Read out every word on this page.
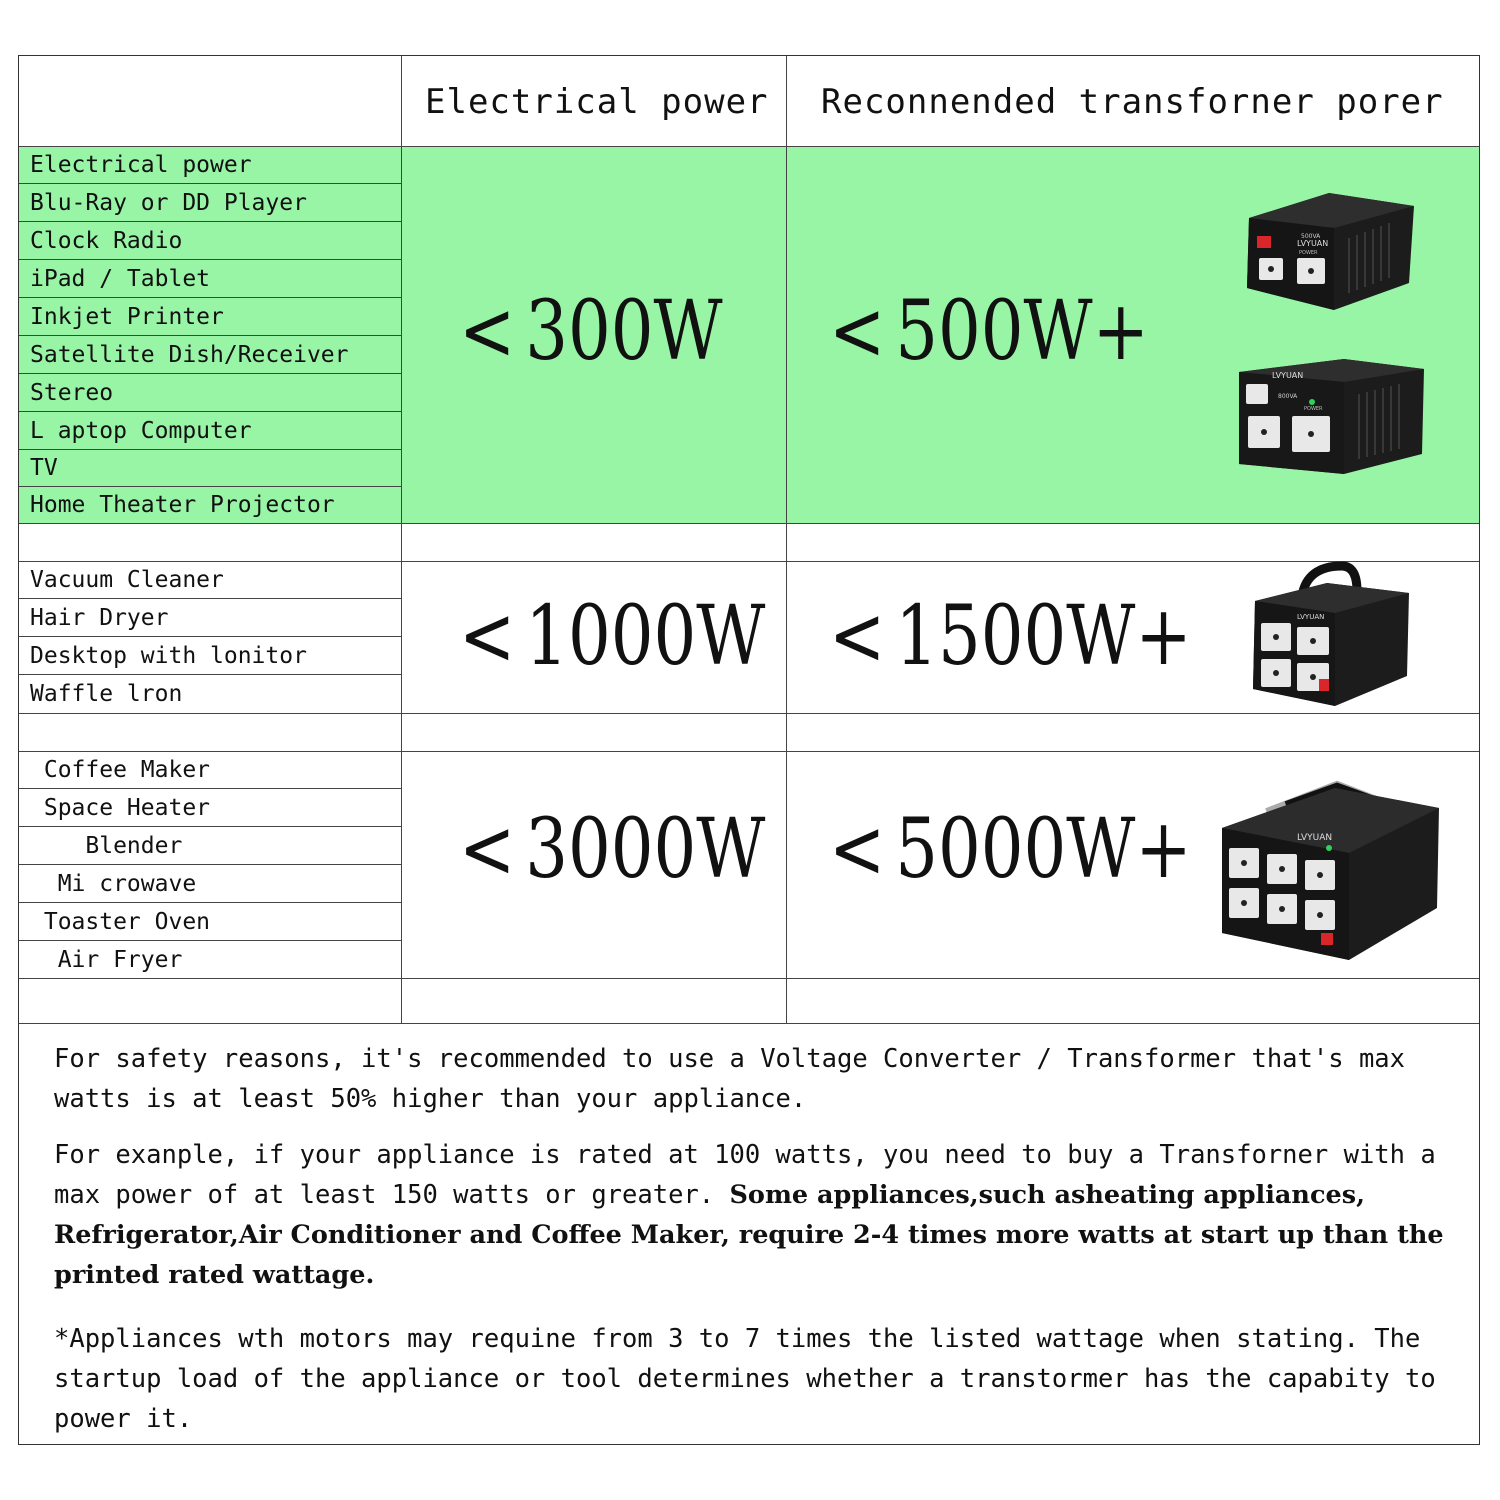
Electrical power Reconnended transforner porer
Electrical power
Blu-Ray or DD Player
Clock Radio
iPad / Tablet
Inkjet Printer
Satellite Dish/Receiver
Stereo
L aptop Computer
TV
Home Theater Projector
Vacuum Cleaner
Hair Dryer
Desktop with lonitor
Waffle lron
Coffee Maker
Space Heater
Blender
Mi crowave
Toaster Oven
Air Fryer
< 300W < 500W+
< 1000W < 1500W+
< 3000W < 5000W+
LVYUAN
500VA
POWER
LVYUAN
800VA
POWER
LVYUAN
LVYUAN
For safety reasons, it's recommended to use a Voltage Converter / Transformer that's max watts is at least 50% higher than your appliance.
For exanple, if your appliance is rated at 100 watts, you need to buy a Transforner with a max power of at least 150 watts or greater. Some appliances,such asheating appliances, Refrigerator,Air Conditioner and Coffee Maker, require 2-4 times more watts at start up than the printed rated wattage.
*Appliances wth motors may requine from 3 to 7 times the listed wattage when stating. The startup load of the appliance or tool determines whether a transtormer has the capabity to power it.
